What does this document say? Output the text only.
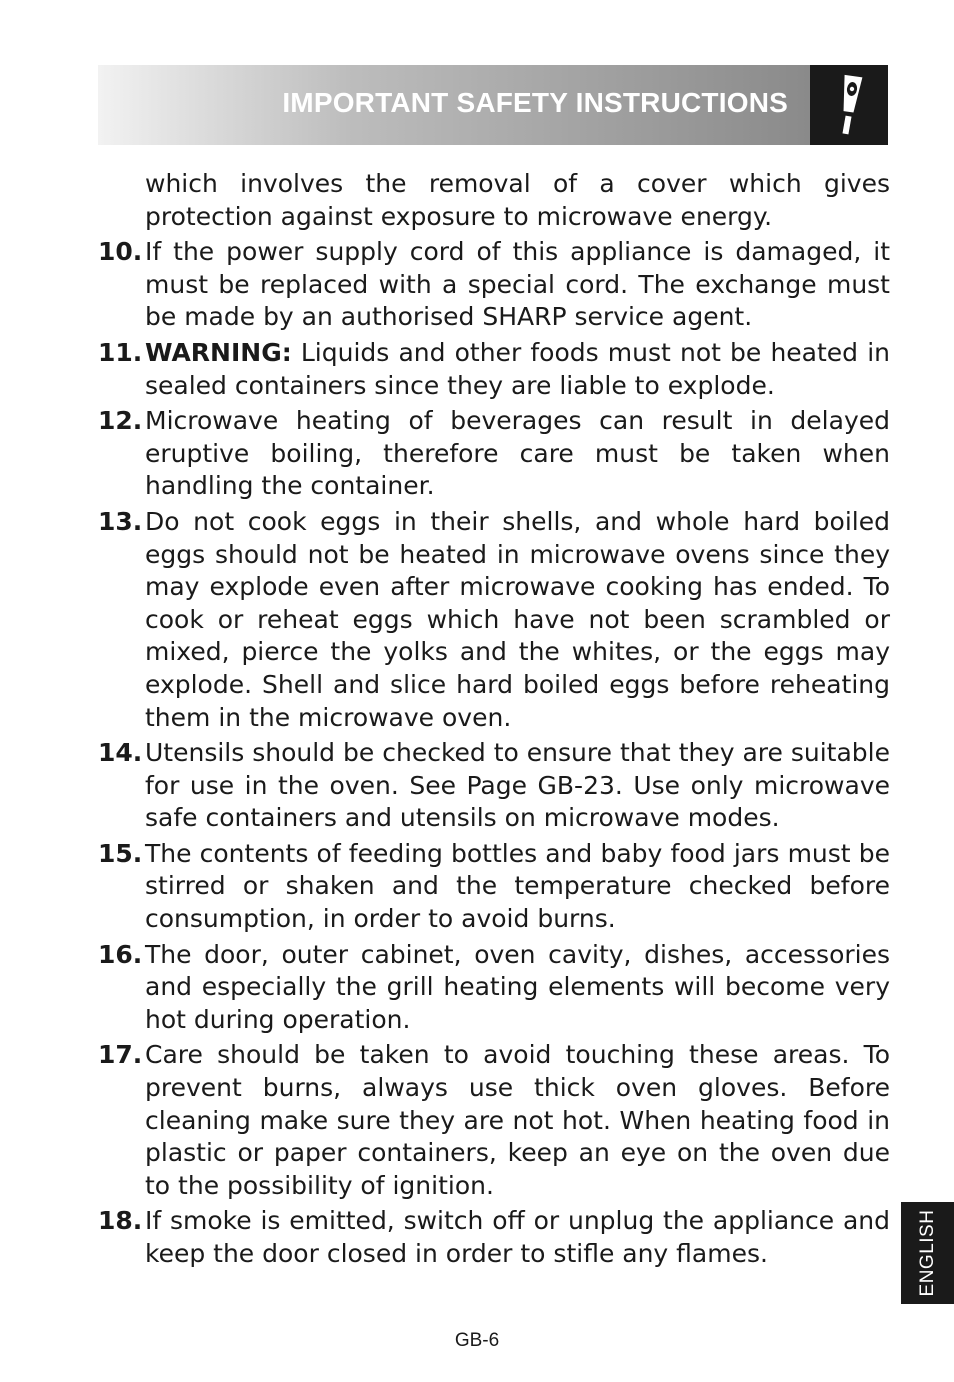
IMPORTANT SAFETY INSTRUCTIONS
which involves the removal of a cover which gives protection against exposure to microwave energy.
10. If the power supply cord of this appliance is damaged, it must be replaced with a special cord. The exchange must be made by an authorised SHARP service agent.
11. WARNING: Liquids and other foods must not be heated in sealed containers since they are liable to explode.
12. Microwave heating of beverages can result in delayed eruptive boiling, therefore care must be taken when handling the container.
13. Do not cook eggs in their shells, and whole hard boiled eggs should not be heated in microwave ovens since they may explode even after microwave cooking has ended. To cook or reheat eggs which have not been scrambled or mixed, pierce the yolks and the whites, or the eggs may explode. Shell and slice hard boiled eggs before reheating them in the microwave oven.
14. Utensils should be checked to ensure that they are suitable for use in the oven. See Page GB-23. Use only microwave safe containers and utensils on microwave modes.
15. The contents of feeding bottles and baby food jars must be stirred or shaken and the temperature checked before consumption, in order to avoid burns.
16. The door, outer cabinet, oven cavity, dishes, accessories and especially the grill heating elements will become very hot during operation.
17. Care should be taken to avoid touching these areas. To prevent burns, always use thick oven gloves. Before cleaning make sure they are not hot. When heating food in plastic or paper containers, keep an eye on the oven due to the possibility of ignition.
18. If smoke is emitted, switch off or unplug the appliance and keep the door closed in order to stifle any flames.	ENGLISH
GB-6
